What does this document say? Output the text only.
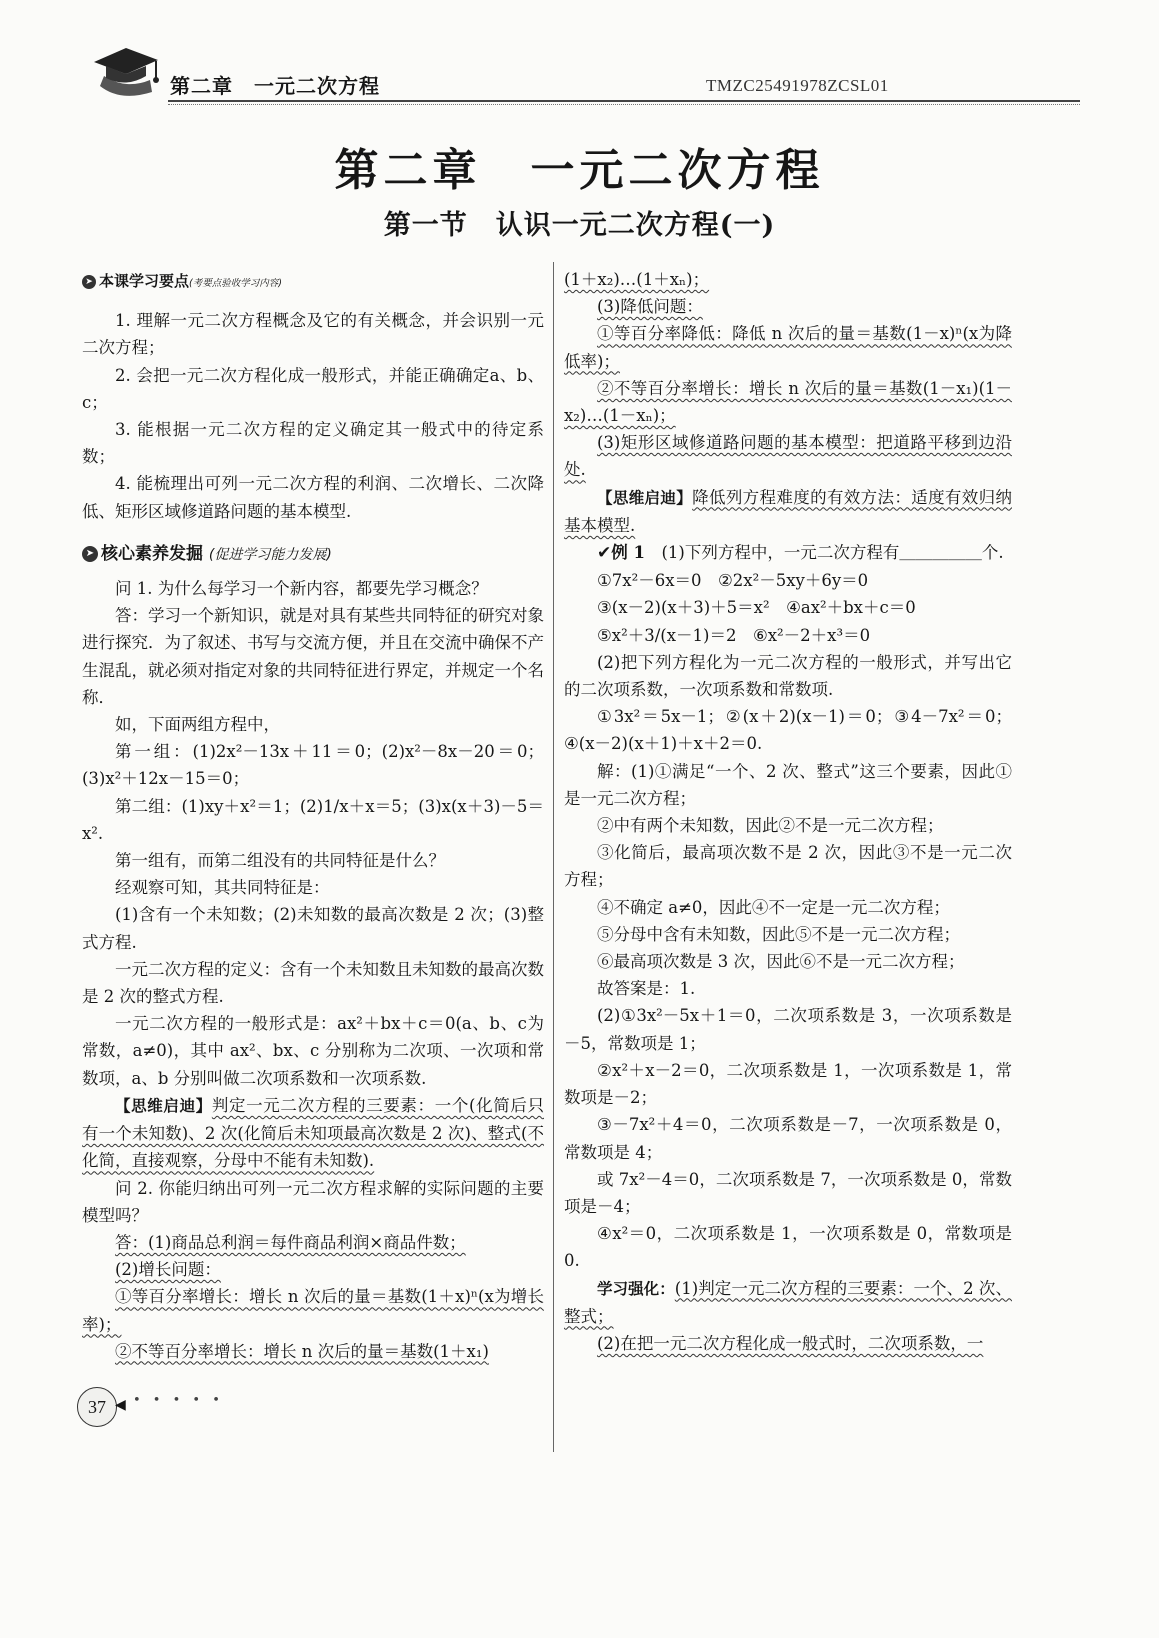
第二章　一元二次方程	TMZC25491978ZCSL01
第二章　一元二次方程
第一节　认识一元二次方程(一)

➤ 本课学习要点(考要点验收学习内容)

1. 理解一元二次方程概念及它的有关概念，并会识别一元二次方程；

2. 会把一元二次方程化成一般形式，并能正确确定a、b、c；

3. 能根据一元二次方程的定义确定其一般式中的待定系数；

4. 能梳理出可列一元二次方程的利润、二次增长、二次降低、矩形区域修道路问题的基本模型.

➤ 核心素养发掘 (促进学习能力发展)

问 1. 为什么每学习一个新内容，都要先学习概念？

答：学习一个新知识，就是对具有某些共同特征的研究对象进行探究．为了叙述、书写与交流方便，并且在交流中确保不产生混乱，就必须对指定对象的共同特征进行界定，并规定一个名称．

如，下面两组方程中，

第一组：(1)2x²－13x＋11＝0；(2)x²－8x－20＝0；(3)x²＋12x－15＝0；

第二组：(1)xy＋x²＝1；(2)1/x＋x＝5；(3)x(x＋3)－5＝x².

第一组有，而第二组没有的共同特征是什么？

经观察可知，其共同特征是：

(1)含有一个未知数；(2)未知数的最高次数是 2 次；(3)整式方程.

一元二次方程的定义：含有一个未知数且未知数的最高次数是 2 次的整式方程.

一元二次方程的一般形式是：ax²＋bx＋c＝0(a、b、c为常数，a≠0)，其中 ax²、bx、c 分别称为二次项、一次项和常数项，a、b 分别叫做二次项系数和一次项系数.

【思维启迪】判定一元二次方程的三要素：一个(化简后只有一个未知数)、2 次(化简后未知项最高次数是 2 次)、整式(不化简，直接观察，分母中不能有未知数).

问 2. 你能归纳出可列一元二次方程求解的实际问题的主要模型吗？

答：(1)商品总利润＝每件商品利润×商品件数；

(2)增长问题：

①等百分率增长：增长 n 次后的量＝基数(1＋x)ⁿ(x为增长率)；

②不等百分率增长：增长 n 次后的量＝基数(1＋x₁)

(1＋x₂)…(1＋xₙ)；

(3)降低问题：

①等百分率降低：降低 n 次后的量＝基数(1－x)ⁿ(x为降低率)；

②不等百分率增长：增长 n 次后的量＝基数(1－x₁)(1－x₂)…(1－xₙ)；

(3)矩形区域修道路问题的基本模型：把道路平移到边沿处.

【思维启迪】降低列方程难度的有效方法：适度有效归纳基本模型.

✔例 1　 (1)下列方程中，一元二次方程有＿＿＿＿＿个.

①7x²－6x＝0　②2x²－5xy＋6y＝0

③(x－2)(x＋3)＋5＝x²　④ax²＋bx＋c＝0

⑤x²＋3/(x－1)＝2　⑥x²－2＋x³＝0

(2)把下列方程化为一元二次方程的一般形式，并写出它的二次项系数，一次项系数和常数项.

①3x²＝5x－1；②(x＋2)(x－1)＝0；③4－7x²＝0；④(x－2)(x＋1)＋x＋2＝0.

解：(1)①满足“一个、2 次、整式”这三个要素，因此①是一元二次方程；

②中有两个未知数，因此②不是一元二次方程；

③化简后，最高项次数不是 2 次，因此③不是一元二次方程；

④不确定 a≠0，因此④不一定是一元二次方程；

⑤分母中含有未知数，因此⑤不是一元二次方程；

⑥最高项次数是 3 次，因此⑥不是一元二次方程；

故答案是：1.

(2)①3x²－5x＋1＝0，二次项系数是 3，一次项系数是－5，常数项是 1；

②x²＋x－2＝0，二次项系数是 1，一次项系数是 1，常数项是－2；

③－7x²＋4＝0，二次项系数是－7，一次项系数是 0，常数项是 4；

或 7x²－4＝0，二次项系数是 7，一次项系数是 0，常数项是－4；

④x²＝0，二次项系数是 1，一次项系数是 0，常数项是 0.

学习强化：(1)判定一元二次方程的三要素：一个、2 次、整式；

(2)在把一元二次方程化成一般式时，二次项系数，一

37 ◀ • • • • •
